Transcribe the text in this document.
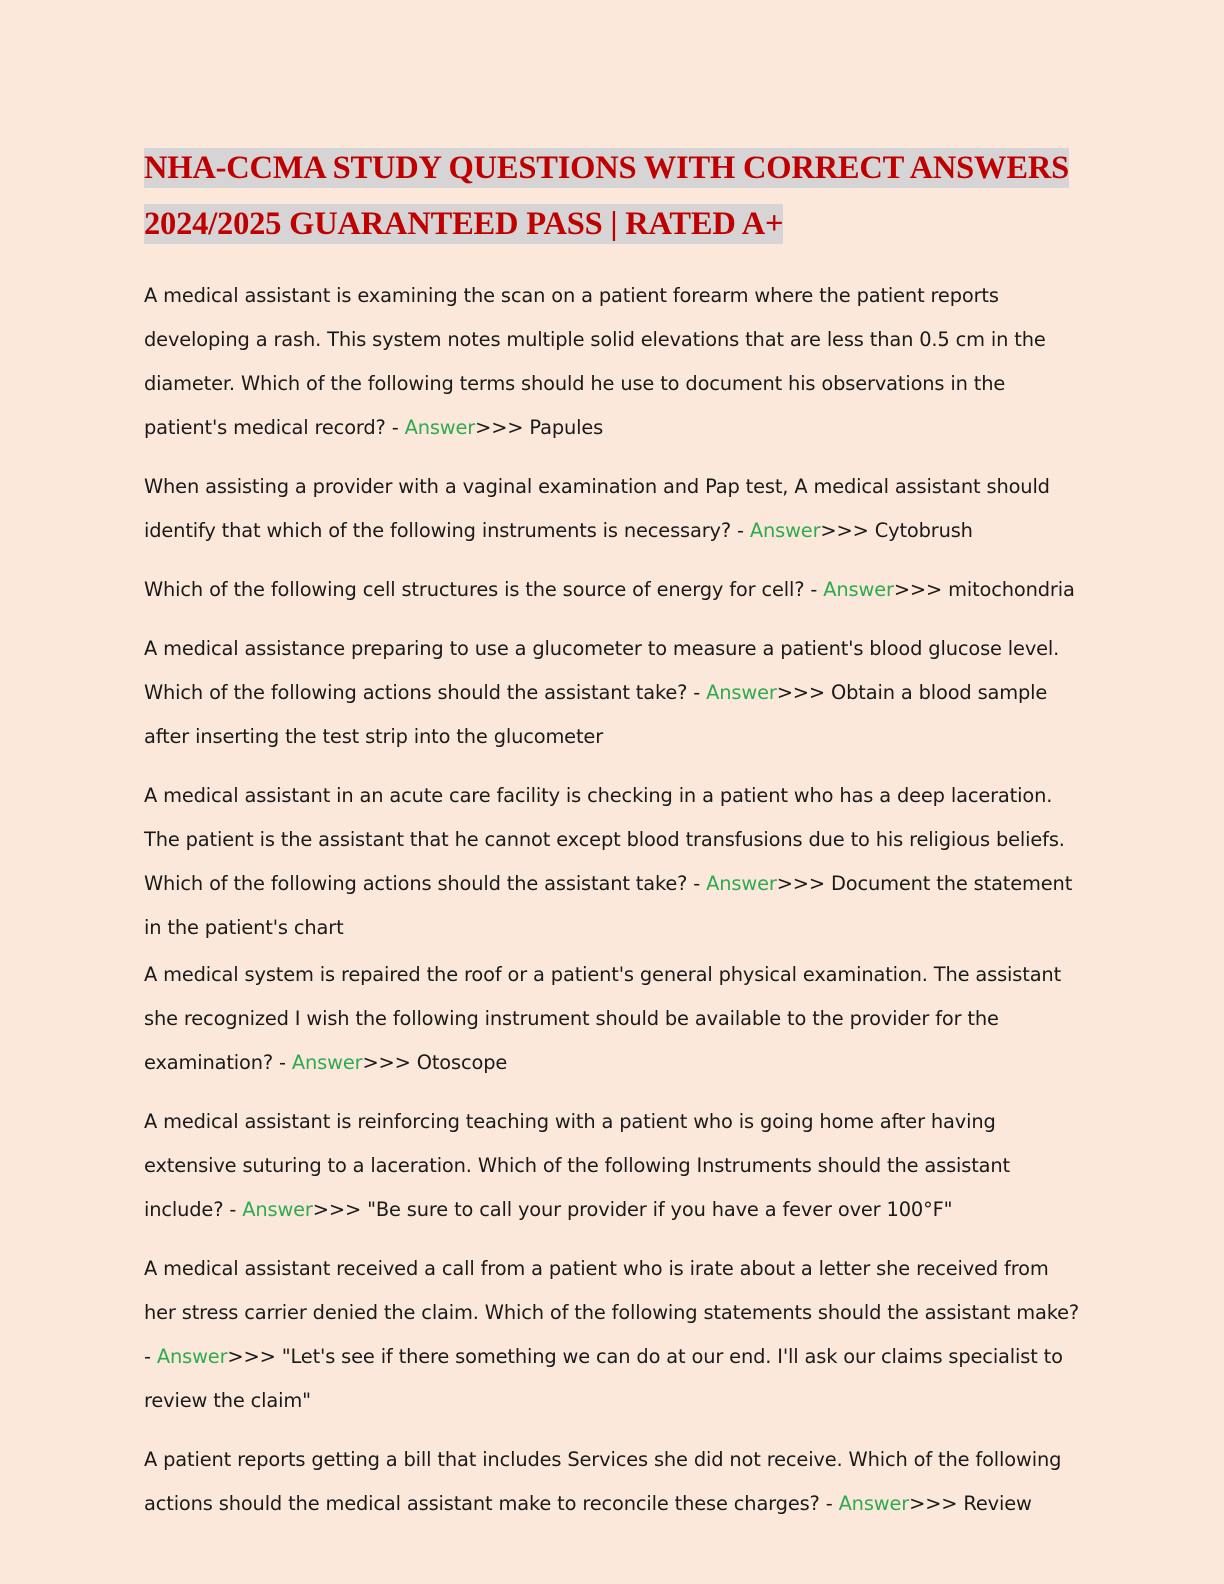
NHA-CCMA STUDY QUESTIONS WITH CORRECT ANSWERS
2024/2025 GUARANTEED PASS | RATED A+

A medical assistant is examining the scan on a patient forearm where the patient reports developing a rash. This system notes multiple solid elevations that are less than 0.5 cm in the diameter. Which of the following terms should he use to document his observations in the patient's medical record? - Answer>>> Papules

When assisting a provider with a vaginal examination and Pap test, A medical assistant should identify that which of the following instruments is necessary? - Answer>>> Cytobrush

Which of the following cell structures is the source of energy for cell? - Answer>>> mitochondria

A medical assistance preparing to use a glucometer to measure a patient's blood glucose level. Which of the following actions should the assistant take? - Answer>>> Obtain a blood sample after inserting the test strip into the glucometer

A medical assistant in an acute care facility is checking in a patient who has a deep laceration. The patient is the assistant that he cannot except blood transfusions due to his religious beliefs. Which of the following actions should the assistant take? - Answer>>> Document the statement in the patient's chart

A medical system is repaired the roof or a patient's general physical examination. The assistant she recognized I wish the following instrument should be available to the provider for the examination? - Answer>>> Otoscope

A medical assistant is reinforcing teaching with a patient who is going home after having extensive suturing to a laceration. Which of the following Instruments should the assistant include? - Answer>>> "Be sure to call your provider if you have a fever over 100°F"

A medical assistant received a call from a patient who is irate about a letter she received from her stress carrier denied the claim. Which of the following statements should the assistant make? - Answer>>> "Let's see if there something we can do at our end. I'll ask our claims specialist to review the claim"

A patient reports getting a bill that includes Services she did not receive. Which of the following actions should the medical assistant make to reconcile these charges? - Answer>>> Review
